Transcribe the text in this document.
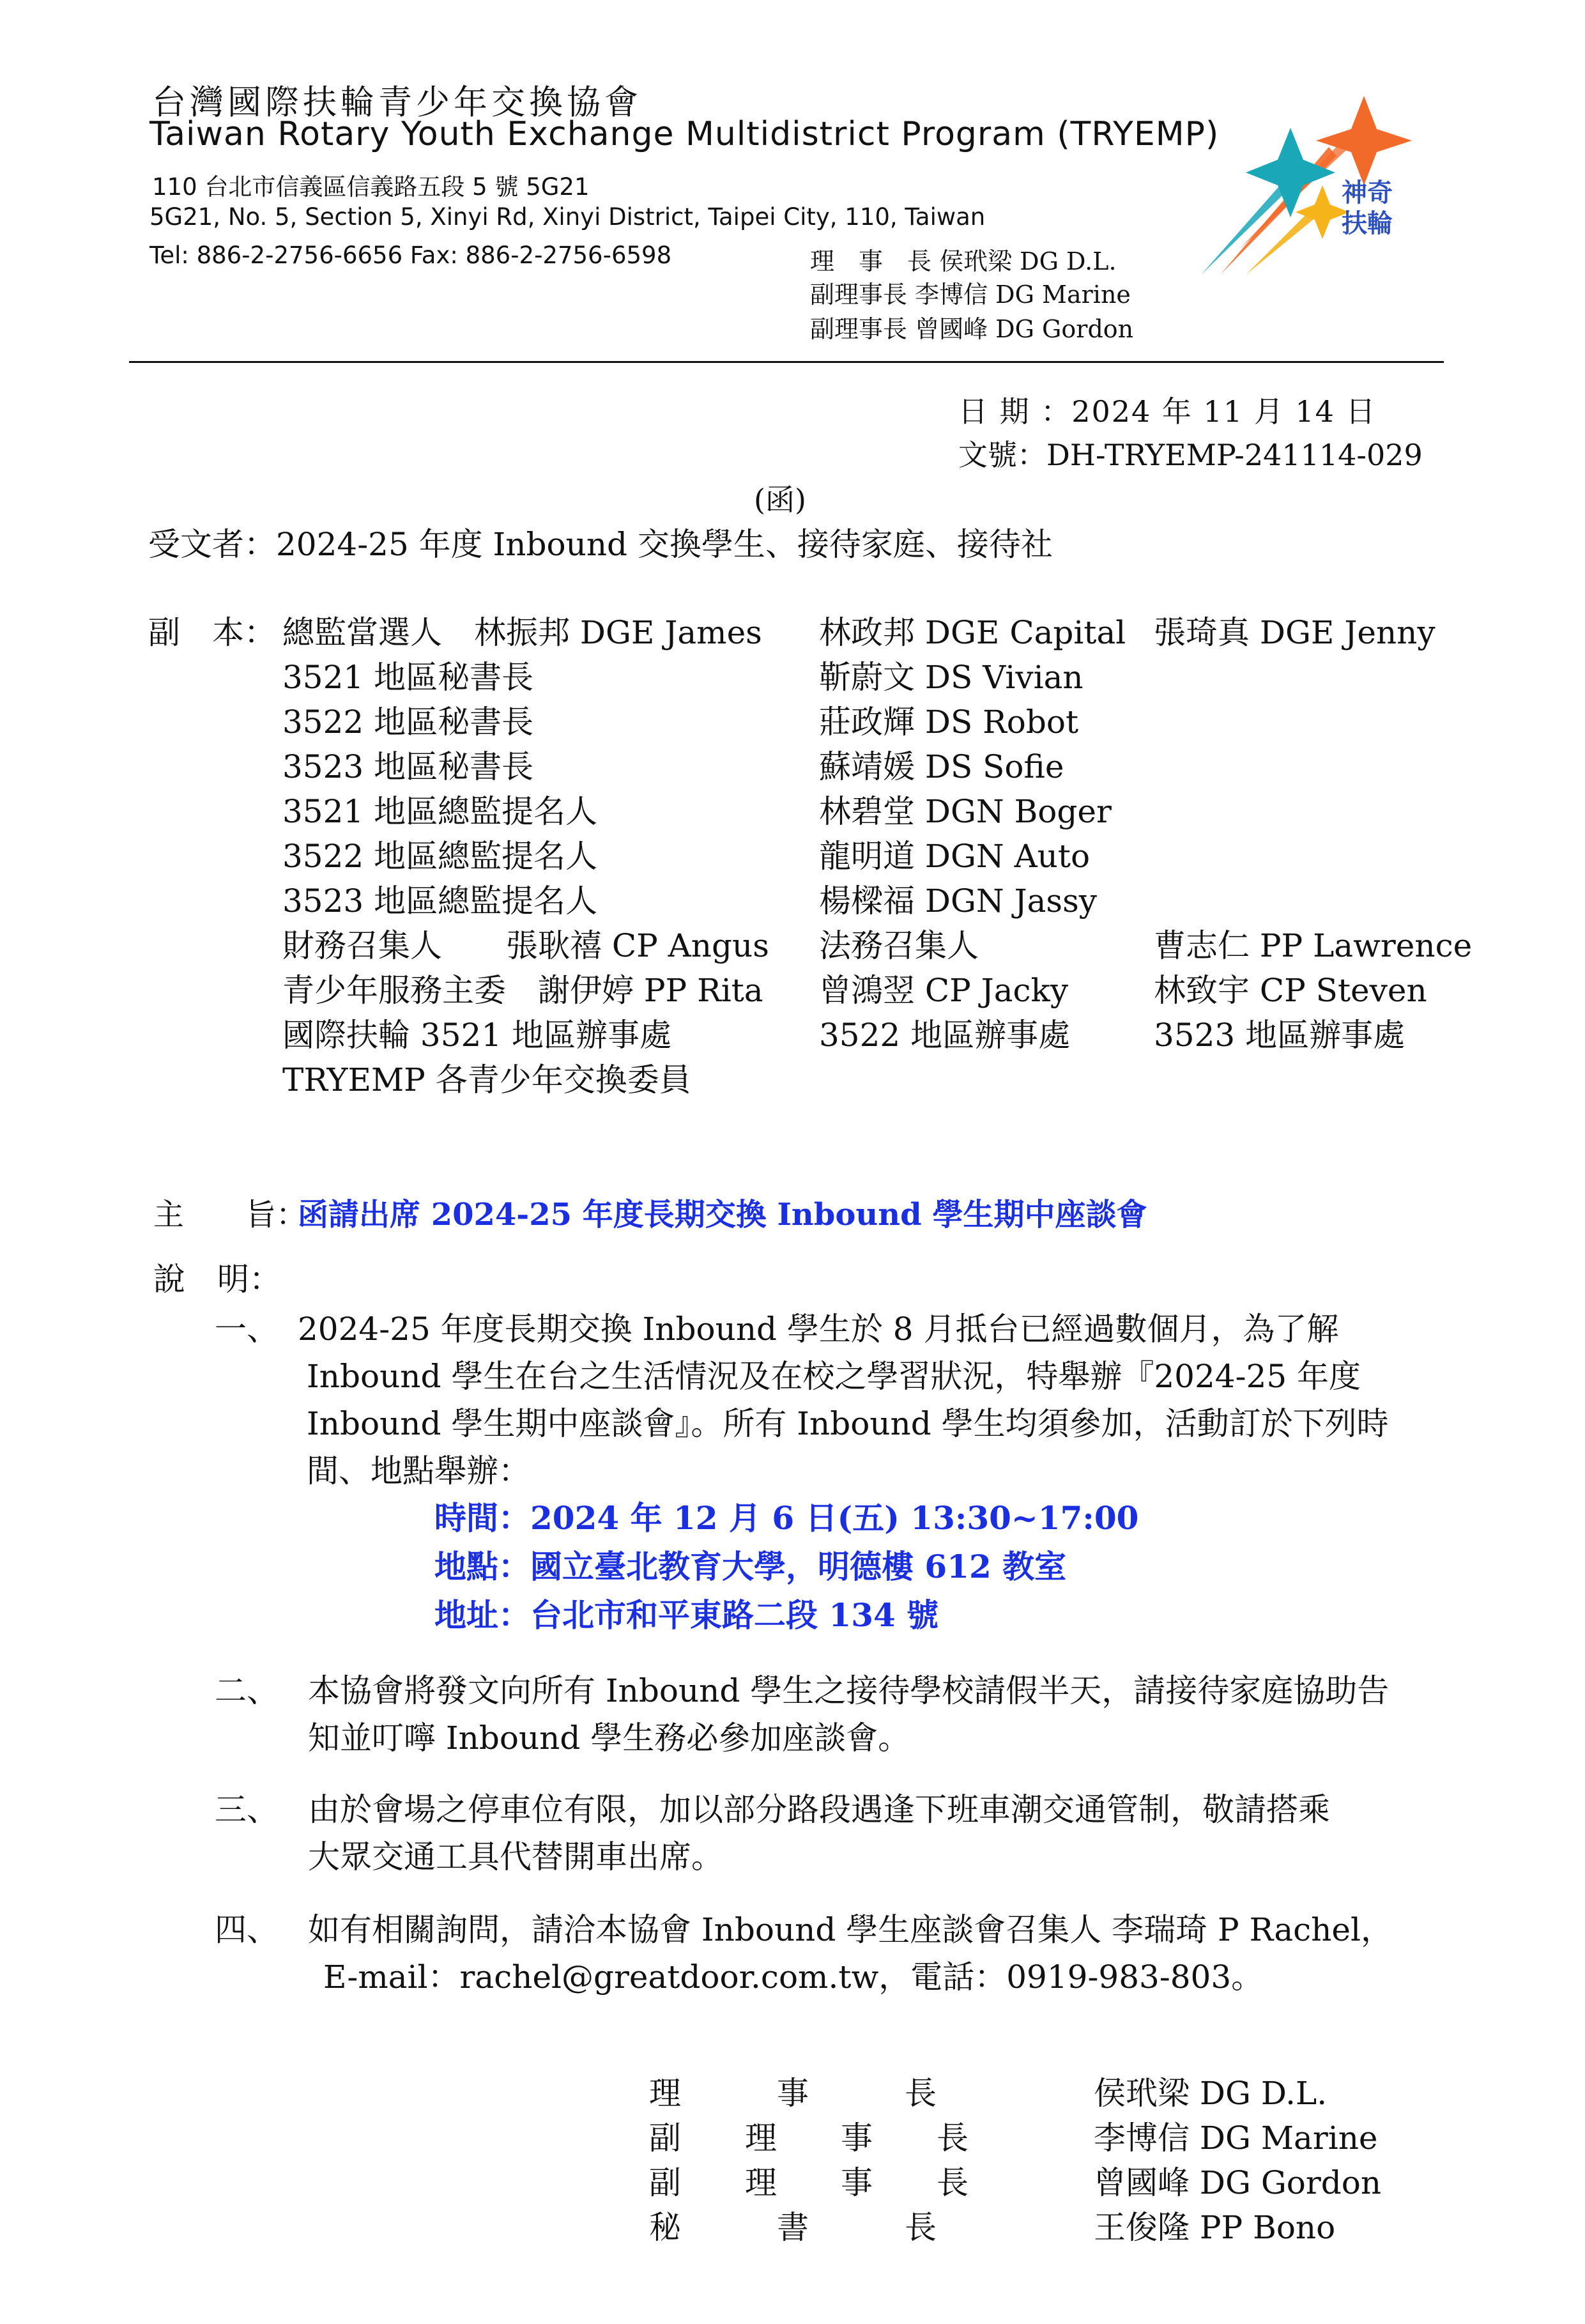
台灣國際扶輪青少年交換協會
Taiwan Rotary Youth Exchange Multidistrict Program (TRYEMP)
110 台北市信義區信義路五段 5 號 5G21
5G21, No. 5, Section 5, Xinyi Rd, Xinyi District, Taipei City, 110, Taiwan
Tel: 886-2-2756-6656 Fax: 886-2-2756-6598	理　事　長 侯玳梁 DG D.L.
副理事長 李博信 DG Marine
副理事長 曾國峰 DG Gordon
神奇
扶輪
日 期 ：2024 年 11 月 14 日
文號：DH-TRYEMP-241114-029
(函)
受文者：2024-25 年度 Inbound 交換學生、接待家庭、接待社
副　本： 總監當選人　林振邦 DGE James 林政邦 DGE Capital 張琦真 DGE Jenny
3521 地區秘書長	靳蔚文 DS Vivian
3522 地區秘書長	莊政輝 DS Robot
3523 地區秘書長	蘇靖媛 DS Sofie
3521 地區總監提名人	林碧堂 DGN Boger
3522 地區總監提名人	龍明道 DGN Auto
3523 地區總監提名人	楊樑福 DGN Jassy
財務召集人　　張耿禧 CP Angus 法務召集人	曹志仁 PP Lawrence
青少年服務主委　謝伊婷 PP Rita 曾鴻翌 CP Jacky	林致宇 CP Steven
國際扶輪 3521 地區辦事處	3522 地區辦事處	3523 地區辦事處
TRYEMP 各青少年交換委員
主　　旨：
函請出席 2024-25 年度長期交換 Inbound 學生期中座談會
說　明：
一、 2024-25 年度長期交換 Inbound 學生於 8 月抵台已經過數個月，為了解
Inbound 學生在台之生活情況及在校之學習狀況，特舉辦『2024-25 年度
Inbound 學生期中座談會』。所有 Inbound 學生均須參加，活動訂於下列時
間、地點舉辦：
時間：2024 年 12 月 6 日(五) 13:30~17:00
地點：國立臺北教育大學，明德樓 612 教室
地址：台北市和平東路二段 134 號
二、 本協會將發文向所有 Inbound 學生之接待學校請假半天，請接待家庭協助告
知並叮嚀 Inbound 學生務必參加座談會。
三、 由於會場之停車位有限，加以部分路段遇逢下班車潮交通管制，敬請搭乘
大眾交通工具代替開車出席。
四、 如有相關詢問，請洽本協會 Inbound 學生座談會召集人 李瑞琦 P Rachel，
E-mail：rachel@greatdoor.com.tw，電話：0919-983-803。
理　　　事　　　長	侯玳梁 DG D.L.
副　　理　　事　　長	李博信 DG Marine
副　　理　　事　　長	曾國峰 DG Gordon
秘　　　書　　　長	王俊隆 PP Bono
